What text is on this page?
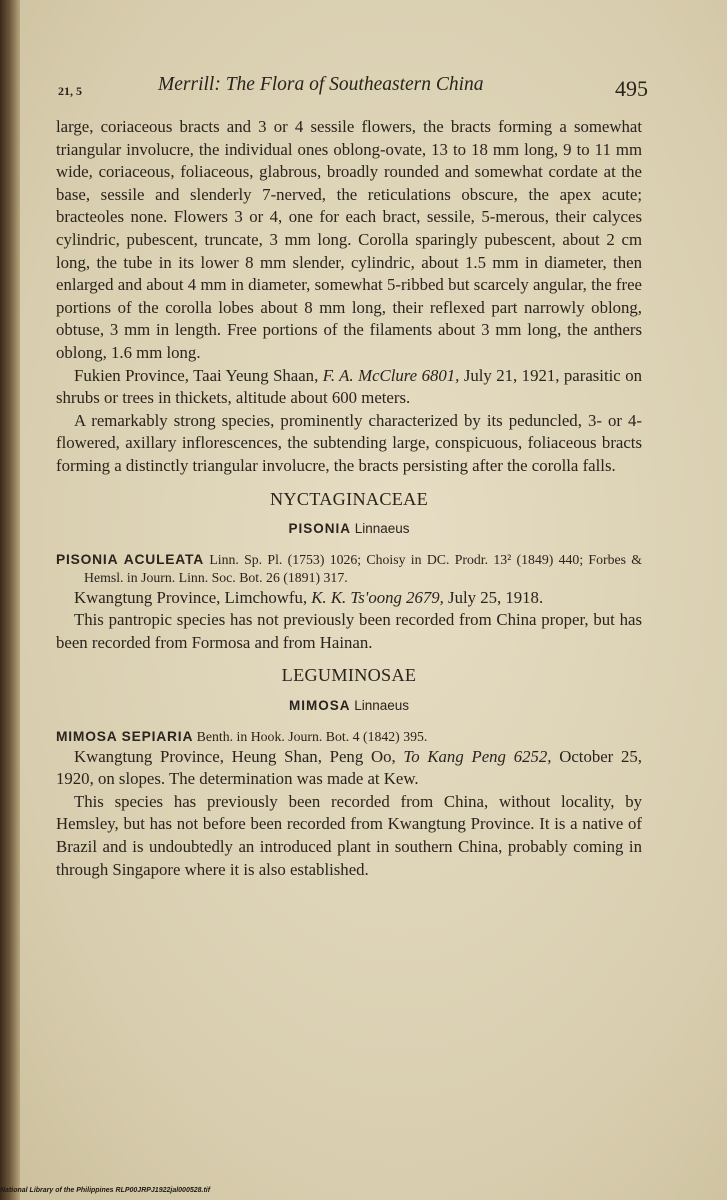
21, 5	Merrill: The Flora of Southeastern China	495

large, coriaceous bracts and 3 or 4 sessile flowers, the bracts forming a somewhat triangular involucre, the individual ones oblong-ovate, 13 to 18 mm long, 9 to 11 mm wide, coriaceous, foliaceous, glabrous, broadly rounded and somewhat cordate at the base, sessile and slenderly 7-nerved, the reticulations obscure, the apex acute; bracteoles none. Flowers 3 or 4, one for each bract, sessile, 5-merous, their calyces cylindric, pubescent, truncate, 3 mm long. Corolla sparingly pubescent, about 2 cm long, the tube in its lower 8 mm slender, cylindric, about 1.5 mm in diameter, then enlarged and about 4 mm in diameter, somewhat 5-ribbed but scarcely angular, the free portions of the corolla lobes about 8 mm long, their reflexed part narrowly oblong, obtuse, 3 mm in length. Free portions of the filaments about 3 mm long, the anthers oblong, 1.6 mm long.

Fukien Province, Taai Yeung Shaan, F. A. McClure 6801, July 21, 1921, parasitic on shrubs or trees in thickets, altitude about 600 meters.

A remarkably strong species, prominently characterized by its peduncled, 3- or 4-flowered, axillary inflorescences, the subtending large, conspicuous, foliaceous bracts forming a distinctly triangular involucre, the bracts persisting after the corolla falls.

NYCTAGINACEAE
PISONIA Linnaeus

PISONIA ACULEATA Linn. Sp. Pl. (1753) 1026; Choisy in DC. Prodr. 13² (1849) 440; Forbes & Hemsl. in Journ. Linn. Soc. Bot. 26 (1891) 317.

Kwangtung Province, Limchowfu, K. K. Ts'oong 2679, July 25, 1918.

This pantropic species has not previously been recorded from China proper, but has been recorded from Formosa and from Hainan.

LEGUMINOSAE
MIMOSA Linnaeus

MIMOSA SEPIARIA Benth. in Hook. Journ. Bot. 4 (1842) 395.

Kwangtung Province, Heung Shan, Peng Oo, To Kang Peng 6252, October 25, 1920, on slopes. The determination was made at Kew.

This species has previously been recorded from China, without locality, by Hemsley, but has not before been recorded from Kwangtung Province. It is a native of Brazil and is undoubtedly an introduced plant in southern China, probably coming in through Singapore where it is also established.

National Library of the Philippines RLP00JRPJ1922jal000528.tif
